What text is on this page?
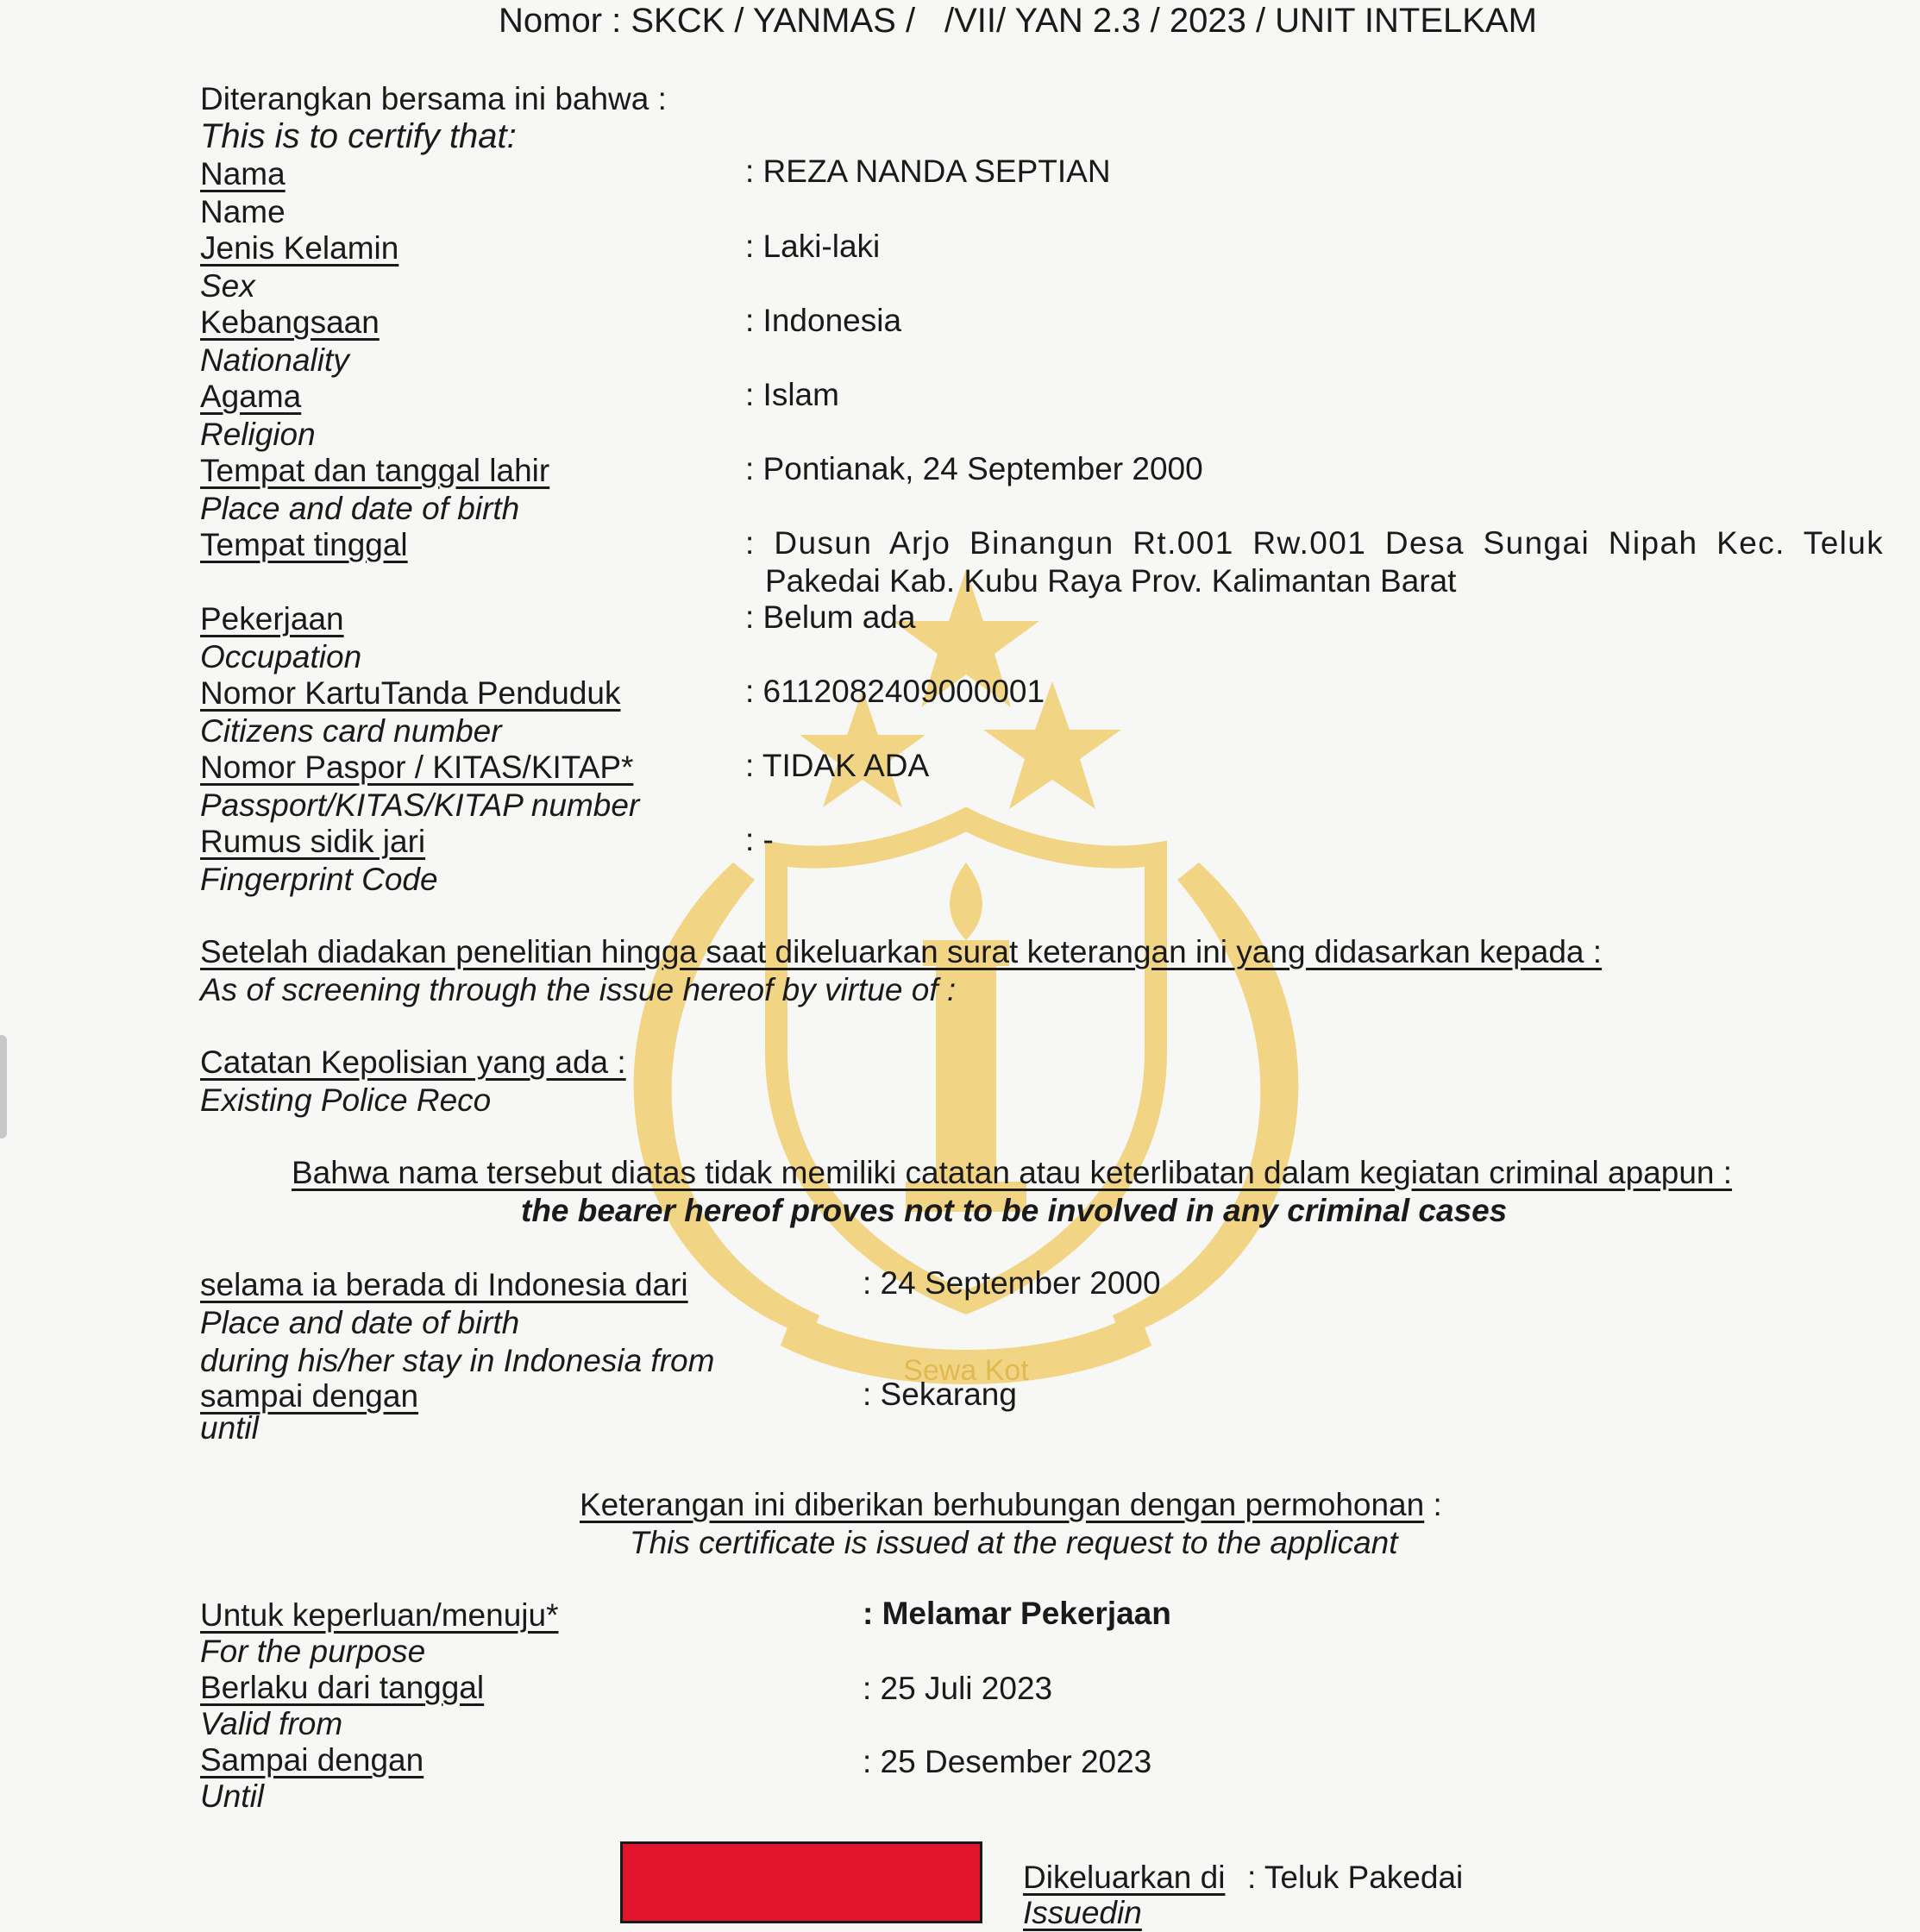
Sewa Kot
Nomor : SKCK / YANMAS / /VII/ YAN 2.3 / 2023 / UNIT INTELKAM
Diterangkan bersama ini bahwa :
This is to certify that:
Nama
Name
: REZA NANDA SEPTIAN
Jenis Kelamin
Sex
: Laki-laki
Kebangsaan
Nationality
: Indonesia
Agama
Religion
: Islam
Tempat dan tanggal lahir
Place and date of birth
: Pontianak, 24 September 2000
Tempat tinggal	: Dusun Arjo Binangun Rt.001 Rw.001 Desa Sungai Nipah Kec. Teluk
Pakedai Kab. Kubu Raya Prov. Kalimantan Barat
Pekerjaan
Occupation
: Belum ada
Nomor KartuTanda Penduduk
Citizens card number
: 6112082409000001
Nomor Paspor / KITAS/KITAP*
Passport/KITAS/KITAP number
: TIDAK ADA
Rumus sidik jari
Fingerprint Code
: -
Setelah diadakan penelitian hingga saat dikeluarkan surat keterangan ini yang didasarkan kepada :
As of screening through the issue hereof by virtue of :
Catatan Kepolisian yang ada :
Existing Police Reco
Bahwa nama tersebut diatas tidak memiliki catatan atau keterlibatan dalam kegiatan criminal apapun :
the bearer hereof proves not to be involved in any criminal cases
selama ia berada di Indonesia dari
Place and date of birth
during his/her stay in Indonesia from
: 24 September 2000
sampai dengan
until
: Sekarang
Keterangan ini diberikan berhubungan dengan permohonan :
This certificate is issued at the request to the applicant
Untuk keperluan/menuju*
For the purpose
: Melamar Pekerjaan
Berlaku dari tanggal
Valid from
: 25 Juli 2023
Sampai dengan
Until
: 25 Desember 2023
Dikeluarkan di
Issuedin
: Teluk Pakedai
